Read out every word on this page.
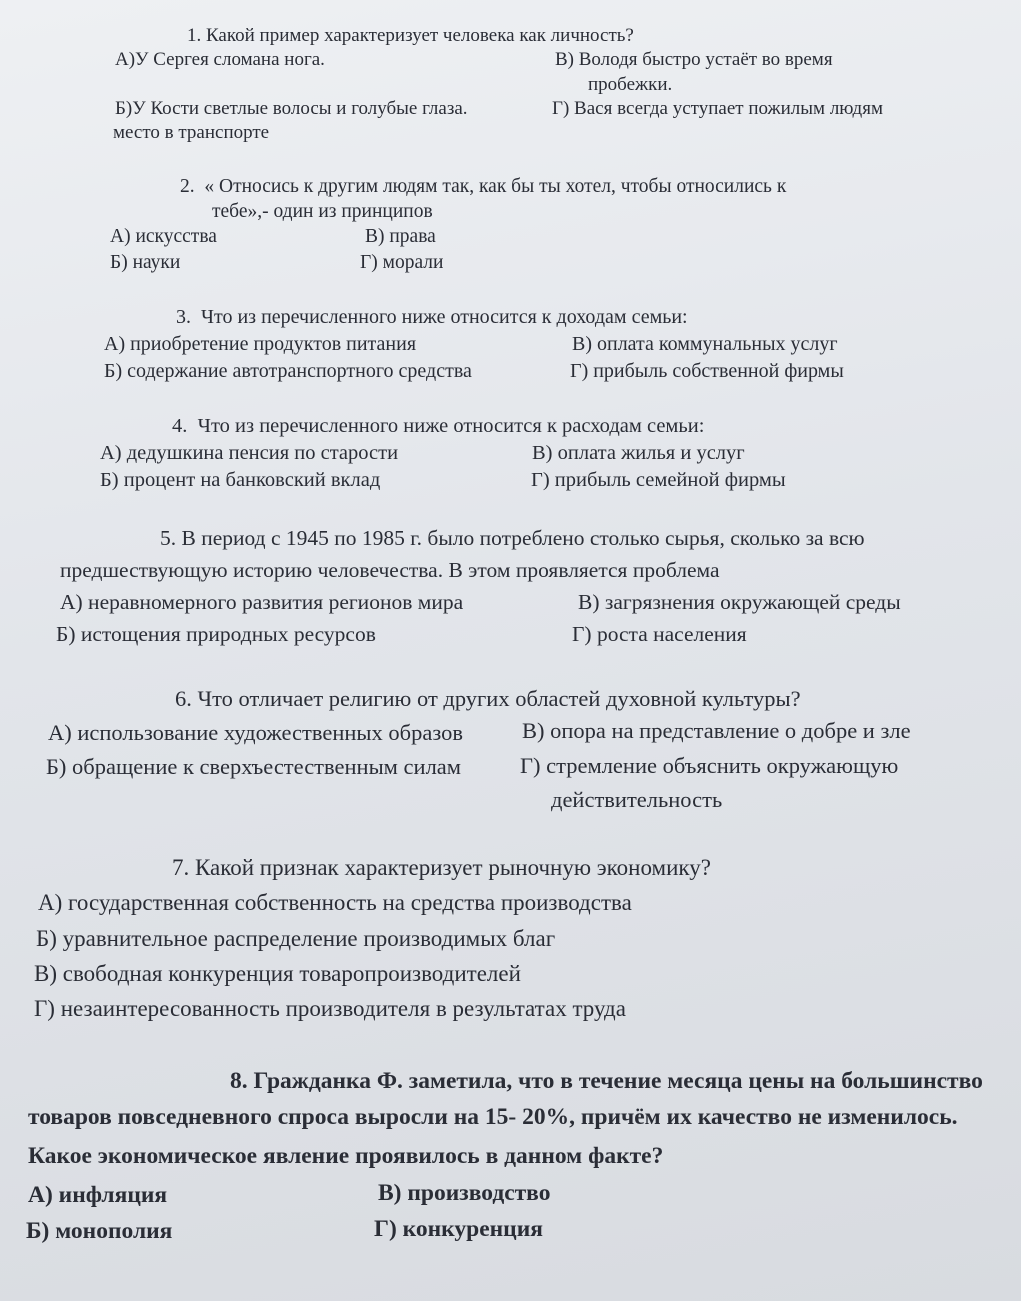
1. Какой пример характеризует человека как личность?
А)У Сергея сломана нога.	В) Володя быстро устаёт во время
пробежки.
Б)У Кости светлые волосы и голубые глаза.	Г) Вася всегда уступает пожилым людям
место в транспорте
2. « Относись к другим людям так, как бы ты хотел, чтобы относились к
тебе»,- один из принципов
А) искусства	В) права
Б) науки	Г) морали
3. Что из перечисленного ниже относится к доходам семьи:
А) приобретение продуктов питания	В) оплата коммунальных услуг
Б) содержание автотранспортного средства	Г) прибыль собственной фирмы
4. Что из перечисленного ниже относится к расходам семьи:
А) дедушкина пенсия по старости	В) оплата жилья и услуг
Б) процент на банковский вклад	Г) прибыль семейной фирмы
5. В период с 1945 по 1985 г. было потреблено столько сырья, сколько за всю
предшествующую историю человечества. В этом проявляется проблема
А) неравномерного развития регионов мира	В) загрязнения окружающей среды
Б) истощения природных ресурсов	Г) роста населения
6. Что отличает религию от других областей духовной культуры?
А) использование художественных образов	В) опора на представление о добре и зле
Б) обращение к сверхъестественным силам	Г) стремление объяснить окружающую
действительность
7. Какой признак характеризует рыночную экономику?
А) государственная собственность на средства производства
Б) уравнительное распределение производимых благ
В) свободная конкуренция товаропроизводителей
Г) незаинтересованность производителя в результатах труда
8. Гражданка Ф. заметила, что в течение месяца цены на большинство
товаров повседневного спроса выросли на 15- 20%, причём их качество не изменилось.
Какое экономическое явление проявилось в данном факте?
А) инфляция	В) производство
Б) монополия	Г) конкуренция
